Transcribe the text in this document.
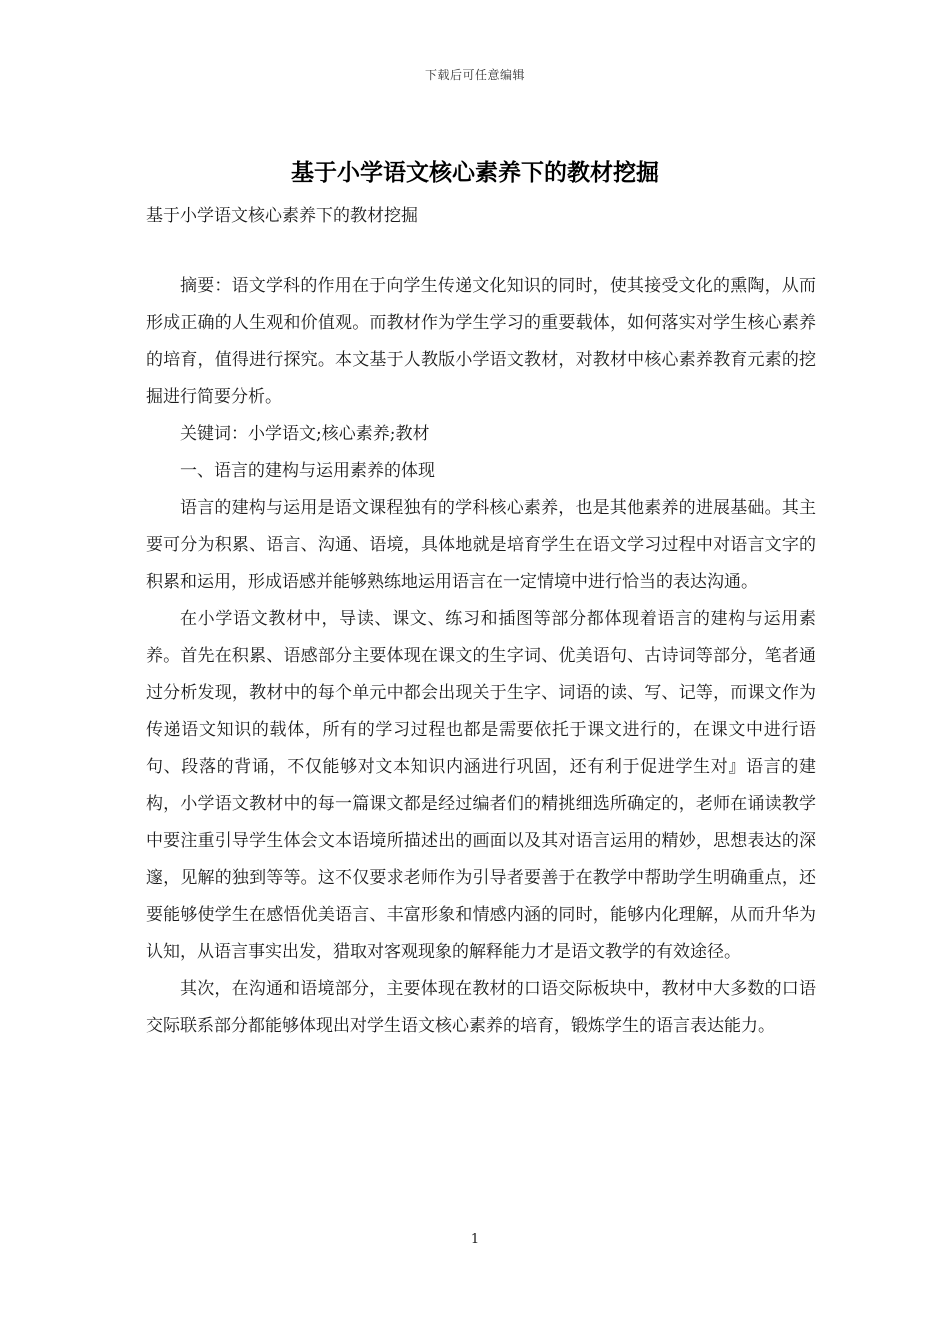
下载后可任意编辑
基于小学语文核心素养下的教材挖掘
基于小学语文核心素养下的教材挖掘

摘要：语文学科的作用在于向学生传递文化知识的同时，使其接受文化的熏陶，从而形成正确的人生观和价值观。而教材作为学生学习的重要载体，如何落实对学生核心素养的培育，值得进行探究。本文基于人教版小学语文教材，对教材中核心素养教育元素的挖掘进行简要分析。

关键词：小学语文;核心素养;教材

一、语言的建构与运用素养的体现

语言的建构与运用是语文课程独有的学科核心素养，也是其他素养的进展基础。其主要可分为积累、语言、沟通、语境，具体地就是培育学生在语文学习过程中对语言文字的积累和运用，形成语感并能够熟练地运用语言在一定情境中进行恰当的表达沟通。

在小学语文教材中，导读、课文、练习和插图等部分都体现着语言的建构与运用素养。首先在积累、语感部分主要体现在课文的生字词、优美语句、古诗词等部分，笔者通过分析发现，教材中的每个单元中都会出现关于生字、词语的读、写、记等，而课文作为传递语文知识的载体，所有的学习过程也都是需要依托于课文进行的，在课文中进行语句、段落的背诵，不仅能够对文本知识内涵进行巩固，还有利于促进学生对』语言的建构，小学语文教材中的每一篇课文都是经过编者们的精挑细选所确定的，老师在诵读教学中要注重引导学生体会文本语境所描述出的画面以及其对语言运用的精妙，思想表达的深邃，见解的独到等等。这不仅要求老师作为引导者要善于在教学中帮助学生明确重点，还要能够使学生在感悟优美语言、丰富形象和情感内涵的同时，能够内化理解，从而升华为认知，从语言事实出发，猎取对客观现象的解释能力才是语文教学的有效途径。

其次，在沟通和语境部分，主要体现在教材的口语交际板块中，教材中大多数的口语交际联系部分都能够体现出对学生语文核心素养的培育，锻炼学生的语言表达能力。

1
